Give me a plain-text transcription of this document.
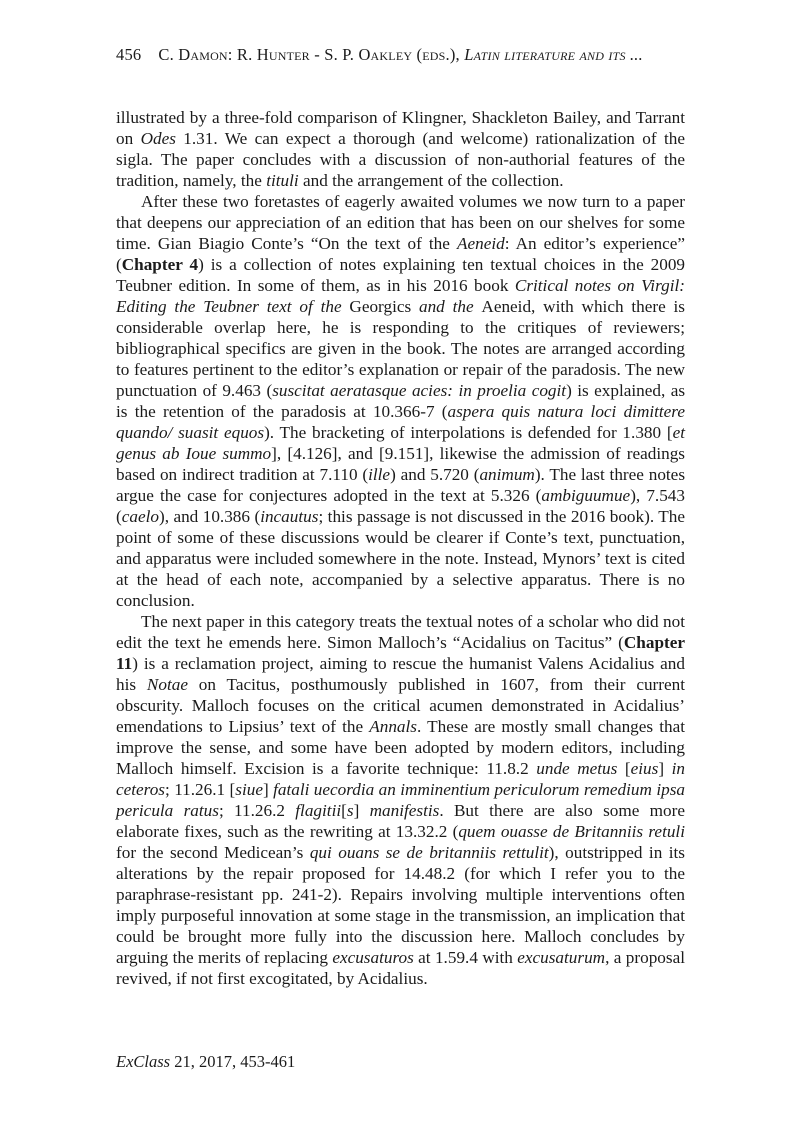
456 C. Damon: R. Hunter - S. P. Oakley (eds.), Latin literature and its ...

illustrated by a three-fold comparison of Klingner, Shackleton Bailey, and Tarrant on Odes 1.31. We can expect a thorough (and welcome) rationalization of the sigla. The paper concludes with a discussion of non-authorial features of the tradition, namely, the tituli and the arrangement of the collection.

After these two foretastes of eagerly awaited volumes we now turn to a paper that deepens our appreciation of an edition that has been on our shelves for some time. Gian Biagio Conte’s “On the text of the Aeneid: An editor’s experience” (Chapter 4) is a collection of notes explaining ten textual choices in the 2009 Teubner edition. In some of them, as in his 2016 book Critical notes on Virgil: Editing the Teubner text of the Georgics and the Aeneid, with which there is considerable overlap here, he is responding to the critiques of reviewers; bibliographical specifics are given in the book. The notes are arranged according to features pertinent to the editor’s explanation or repair of the paradosis. The new punctuation of 9.463 (suscitat aeratasque acies: in proelia cogit) is explained, as is the retention of the paradosis at 10.366-7 (aspera quis natura loci dimittere quando/ suasit equos). The bracketing of interpolations is defended for 1.380 [et genus ab Ioue summo], [4.126], and [9.151], likewise the admission of readings based on indirect tradition at 7.110 (ille) and 5.720 (animum). The last three notes argue the case for conjectures adopted in the text at 5.326 (ambiguumue), 7.543 (caelo), and 10.386 (incautus; this passage is not discussed in the 2016 book). The point of some of these discussions would be clearer if Conte’s text, punctuation, and apparatus were included somewhere in the note. Instead, Mynors’ text is cited at the head of each note, accompanied by a selective apparatus. There is no conclusion.

The next paper in this category treats the textual notes of a scholar who did not edit the text he emends here. Simon Malloch’s “Acidalius on Tacitus” (Chapter 11) is a reclamation project, aiming to rescue the humanist Valens Acidalius and his Notae on Tacitus, posthumously published in 1607, from their current obscurity. Malloch focuses on the critical acumen demonstrated in Acidalius’ emendations to Lipsius’ text of the Annals. These are mostly small changes that improve the sense, and some have been adopted by modern editors, including Malloch himself. Excision is a favorite technique: 11.8.2 unde metus [eius] in ceteros; 11.26.1 [siue] fatali uecordia an imminentium periculorum remedium ipsa pericula ratus; 11.26.2 flagitii[s] manifestis. But there are also some more elaborate fixes, such as the rewriting at 13.32.2 (quem ouasse de Britanniis retuli for the second Medicean’s qui ouans se de britanniis rettulit), outstripped in its alterations by the repair proposed for 14.48.2 (for which I refer you to the paraphrase-resistant pp. 241-2). Repairs involving multiple interventions often imply purposeful innovation at some stage in the transmission, an implication that could be brought more fully into the discussion here. Malloch concludes by arguing the merits of replacing excusaturos at 1.59.4 with excusaturum, a proposal revived, if not first excogitated, by Acidalius.

ExClass 21, 2017, 453-461
